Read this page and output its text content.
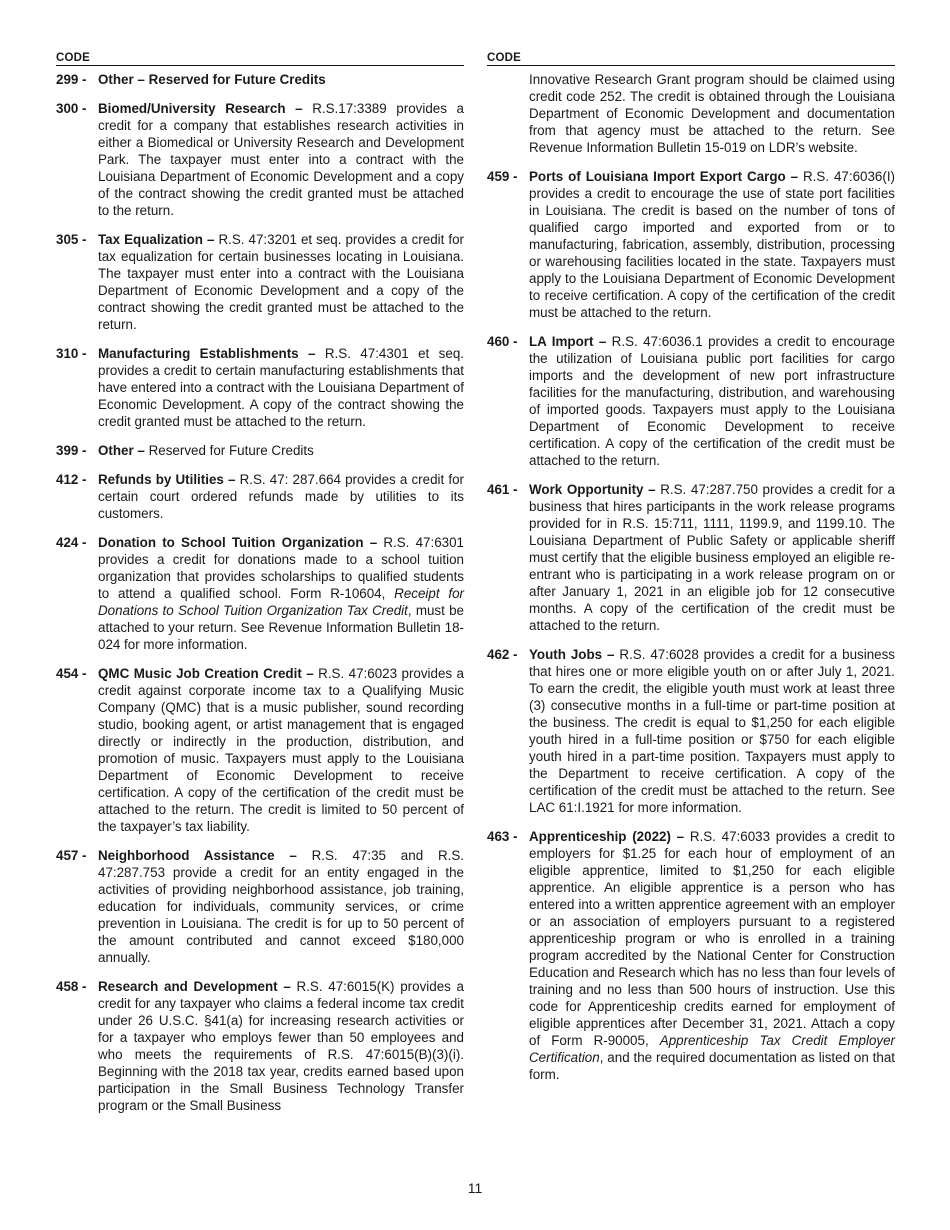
CODE
299 - Other – Reserved for Future Credits
300 - Biomed/University Research – R.S.17:3389 provides a credit for a company that establishes research activities in either a Biomedical or University Research and Development Park. The taxpayer must enter into a contract with the Louisiana Department of Economic Development and a copy of the contract showing the credit granted must be attached to the return.
305 - Tax Equalization – R.S. 47:3201 et seq. provides a credit for tax equalization for certain businesses locating in Louisiana. The taxpayer must enter into a contract with the Louisiana Department of Economic Development and a copy of the contract showing the credit granted must be attached to the return.
310 - Manufacturing Establishments – R.S. 47:4301 et seq. provides a credit to certain manufacturing establishments that have entered into a contract with the Louisiana Department of Economic Development. A copy of the contract showing the credit granted must be attached to the return.
399 - Other – Reserved for Future Credits
412 - Refunds by Utilities – R.S. 47: 287.664 provides a credit for certain court ordered refunds made by utilities to its customers.
424 - Donation to School Tuition Organization – R.S. 47:6301 provides a credit for donations made to a school tuition organization that provides scholarships to qualified students to attend a qualified school. Form R-10604, Receipt for Donations to School Tuition Organization Tax Credit, must be attached to your return. See Revenue Information Bulletin 18-024 for more information.
454 - QMC Music Job Creation Credit – R.S. 47:6023 provides a credit against corporate income tax to a Qualifying Music Company (QMC) that is a music publisher, sound recording studio, booking agent, or artist management that is engaged directly or indirectly in the production, distribution, and promotion of music. Taxpayers must apply to the Louisiana Department of Economic Development to receive certification. A copy of the certification of the credit must be attached to the return. The credit is limited to 50 percent of the taxpayer’s tax liability.
457 - Neighborhood Assistance – R.S. 47:35 and R.S. 47:287.753 provide a credit for an entity engaged in the activities of providing neighborhood assistance, job training, education for individuals, community services, or crime prevention in Louisiana. The credit is for up to 50 percent of the amount contributed and cannot exceed $180,000 annually.
458 - Research and Development – R.S. 47:6015(K) provides a credit for any taxpayer who claims a federal income tax credit under 26 U.S.C. §41(a) for increasing research activities or for a taxpayer who employs fewer than 50 employees and who meets the requirements of R.S. 47:6015(B)(3)(i). Beginning with the 2018 tax year, credits earned based upon participation in the Small Business Technology Transfer program or the Small Business
CODE
Innovative Research Grant program should be claimed using credit code 252. The credit is obtained through the Louisiana Department of Economic Development and documentation from that agency must be attached to the return. See Revenue Information Bulletin 15-019 on LDR’s website.
459 - Ports of Louisiana Import Export Cargo – R.S. 47:6036(I) provides a credit to encourage the use of state port facilities in Louisiana. The credit is based on the number of tons of qualified cargo imported and exported from or to manufacturing, fabrication, assembly, distribution, processing or warehousing facilities located in the state. Taxpayers must apply to the Louisiana Department of Economic Development to receive certification. A copy of the certification of the credit must be attached to the return.
460 - LA Import – R.S. 47:6036.1 provides a credit to encourage the utilization of Louisiana public port facilities for cargo imports and the development of new port infrastructure facilities for the manufacturing, distribution, and warehousing of imported goods. Taxpayers must apply to the Louisiana Department of Economic Development to receive certification. A copy of the certification of the credit must be attached to the return.
461 - Work Opportunity – R.S. 47:287.750 provides a credit for a business that hires participants in the work release programs provided for in R.S. 15:711, 1111, 1199.9, and 1199.10. The Louisiana Department of Public Safety or applicable sheriff must certify that the eligible business employed an eligible re-entrant who is participating in a work release program on or after January 1, 2021 in an eligible job for 12 consecutive months. A copy of the certification of the credit must be attached to the return.
462 - Youth Jobs – R.S. 47:6028 provides a credit for a business that hires one or more eligible youth on or after July 1, 2021. To earn the credit, the eligible youth must work at least three (3) consecutive months in a full-time or part-time position at the business. The credit is equal to $1,250 for each eligible youth hired in a full-time position or $750 for each eligible youth hired in a part-time position. Taxpayers must apply to the Department to receive certification. A copy of the certification of the credit must be attached to the return. See LAC 61:I.1921 for more information.
463 - Apprenticeship (2022) – R.S. 47:6033 provides a credit to employers for $1.25 for each hour of employment of an eligible apprentice, limited to $1,250 for each eligible apprentice. An eligible apprentice is a person who has entered into a written apprentice agreement with an employer or an association of employers pursuant to a registered apprenticeship program or who is enrolled in a training program accredited by the National Center for Construction Education and Research which has no less than four levels of training and no less than 500 hours of instruction. Use this code for Apprenticeship credits earned for employment of eligible apprentices after December 31, 2021. Attach a copy of Form R-90005, Apprenticeship Tax Credit Employer Certification, and the required documentation as listed on that form.
11
